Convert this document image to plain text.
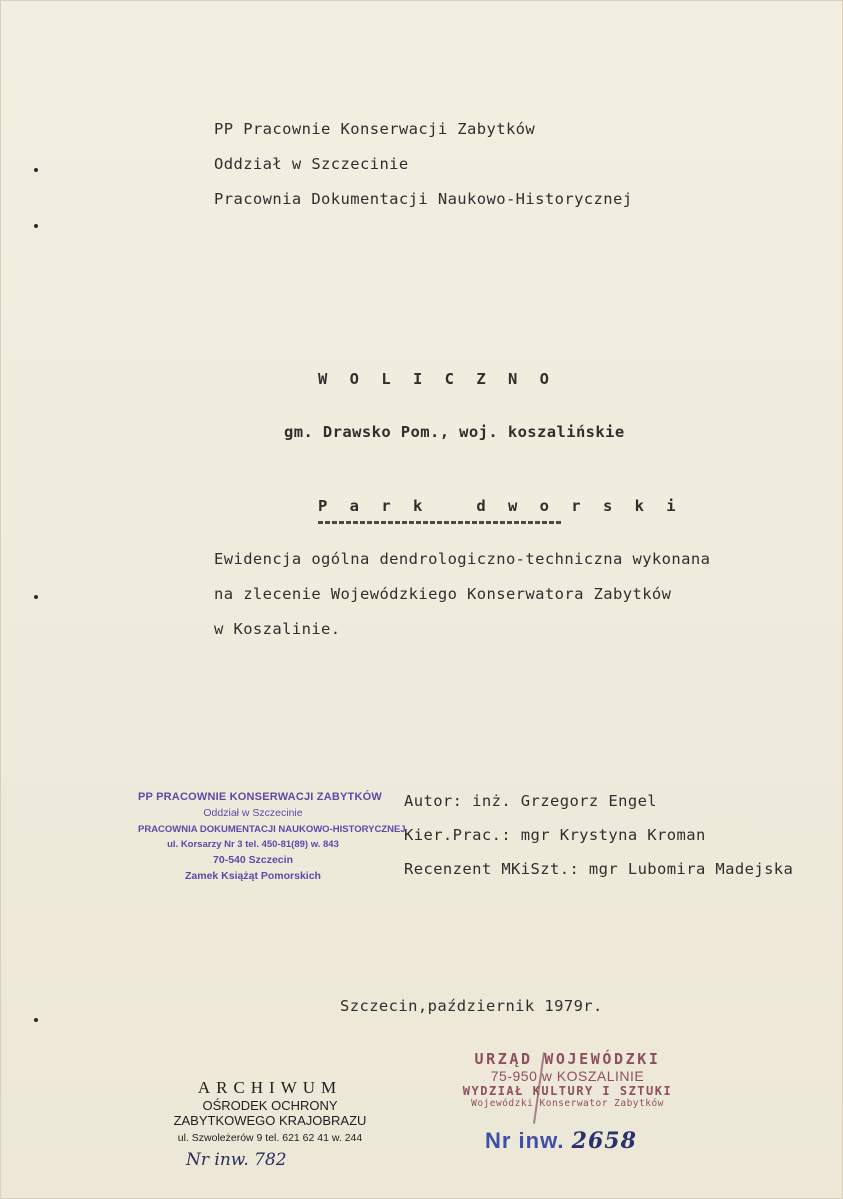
PP Pracownie Konserwacji Zabytków
Oddział w Szczecinie
Pracownia Dokumentacji Naukowo-Historycznej
W O L I C Z N O
gm. Drawsko Pom., woj. koszalińskie
P a r k   d w o r s k i
Ewidencja ogólna dendrologiczno-techniczna wykonana
na zlecenie Wojewódzkiego Konserwatora Zabytków
w Koszalinie.
PP PRACOWNIE KONSERWACJI ZABYTKÓW
Oddział w Szczecinie
PRACOWNIA DOKUMENTACJI NAUKOWO-HISTORYCZNEJ
ul. Korsarzy Nr 3 tel. 450-81(89) w. 843
70-540 Szczecin
Zamek Książąt Pomorskich
Autor: inż. Grzegorz Engel
Kier.Prac.: mgr Krystyna Kroman
Recenzent MKiSzt.: mgr Lubomira Madejska
Szczecin,październik 1979r.
ARCHIWUM
OŚRODEK OCHRONY
ZABYTKOWEGO KRAJOBRAZU
ul. Szwoleżerów 9 tel. 621 62 41 w. 244
Nr inw. 782
URZĄD WOJEWÓDZKI
75-950 w KOSZALINIE
WYDZIAŁ KULTURY I SZTUKI
Wojewódzki Konserwator Zabytków
Nr inw. 2658
